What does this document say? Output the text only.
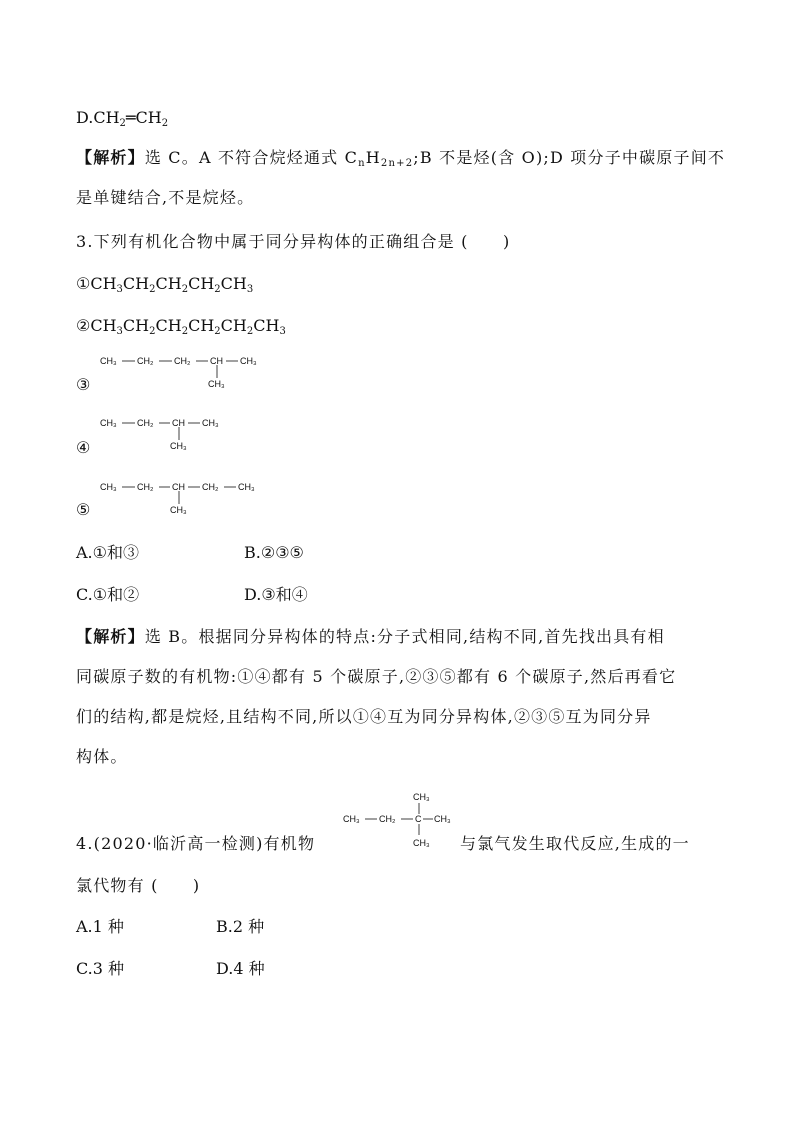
$D.CH_2═CH_2$
【解析】选 C。A 不符合烷烃通式 $C_nH_{2n+2};B$ 不是烃(含 O);D 项分子中碳原子间不
是单键结合,不是烷烃。
3.下列有机化合物中属于同分异构体的正确组合是 (　　)
$①CH_3CH_2CH_2CH_2CH_3$
$②CH_3CH_2CH_2CH_2CH_2CH_3$
③
CH₃ CH₂ CH₂ CH CH₃
CH₃
④
CH₃ CH₂ CH CH₃
CH₃
⑤
CH₃ CH₂ CH CH₂ CH₃
CH₃
A.①和③	B.②③⑤
C.①和②	D.③和④
【解析】选 B。根据同分异构体的特点:分子式相同,结构不同,首先找出具有相
同碳原子数的有机物:①④都有 5 个碳原子,②③⑤都有 6 个碳原子,然后再看它
们的结构,都是烷烃,且结构不同,所以①④互为同分异构体,②③⑤互为同分异
构体。
4.(2020·临沂高一检测)有机物
CH₃
CH₃ CH₂ C CH₃
CH₃ 与氯气发生取代反应,生成的一
氯代物有 (　　)
A.1 种	B.2 种
C.3 种	D.4 种
